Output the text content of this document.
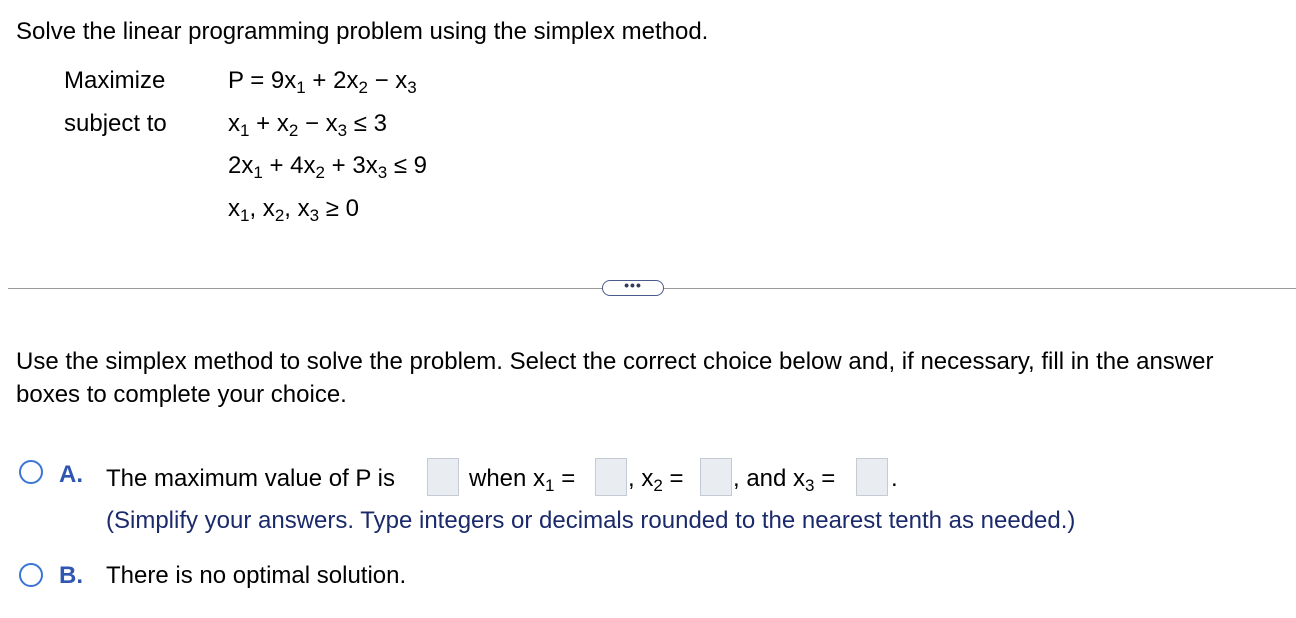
Solve the linear programming problem using the simplex method.
Maximize
subject to
$P = 9x_1 + 2x_2 - x_3$
$x_1 + x_2 - x_3 \le 3$
$2x_1 + 4x_2 + 3x_3 \le 9$
$x_1$, $x_2$, $x_3 \ge 0$
•••
Use the simplex method to solve the problem. Select the correct choice below and, if necessary, fill in the answer boxes to complete your choice.
A. The maximum value of P is	when $x_1$ = , $x_2$ = , and $x_3$ = .
(Simplify your answers. Type integers or decimals rounded to the nearest tenth as needed.)
B. There is no optimal solution.
